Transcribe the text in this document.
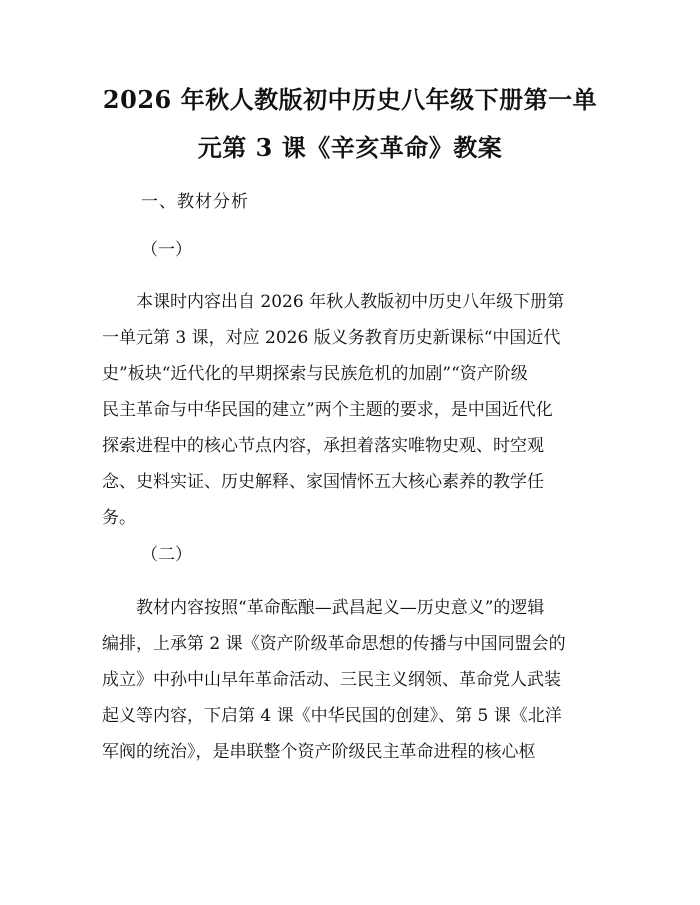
2026 年秋人教版初中历史八年级下册第一单
元第 3 课《辛亥革命》教案
一、教材分析
（一）
　　本课时内容出自 2026 年秋人教版初中历史八年级下册第
一单元第 3 课，对应 2026 版义务教育历史新课标“中国近代
史”板块“近代化的早期探索与民族危机的加剧”“资产阶级
民主革命与中华民国的建立”两个主题的要求，是中国近代化
探索进程中的核心节点内容，承担着落实唯物史观、时空观
念、史料实证、历史解释、家国情怀五大核心素养的教学任
务。
（二）
　　教材内容按照“革命酝酿—武昌起义—历史意义”的逻辑
编排，上承第 2 课《资产阶级革命思想的传播与中国同盟会的
成立》中孙中山早年革命活动、三民主义纲领、革命党人武装
起义等内容，下启第 4 课《中华民国的创建》、第 5 课《北洋
军阀的统治》，是串联整个资产阶级民主革命进程的核心枢
